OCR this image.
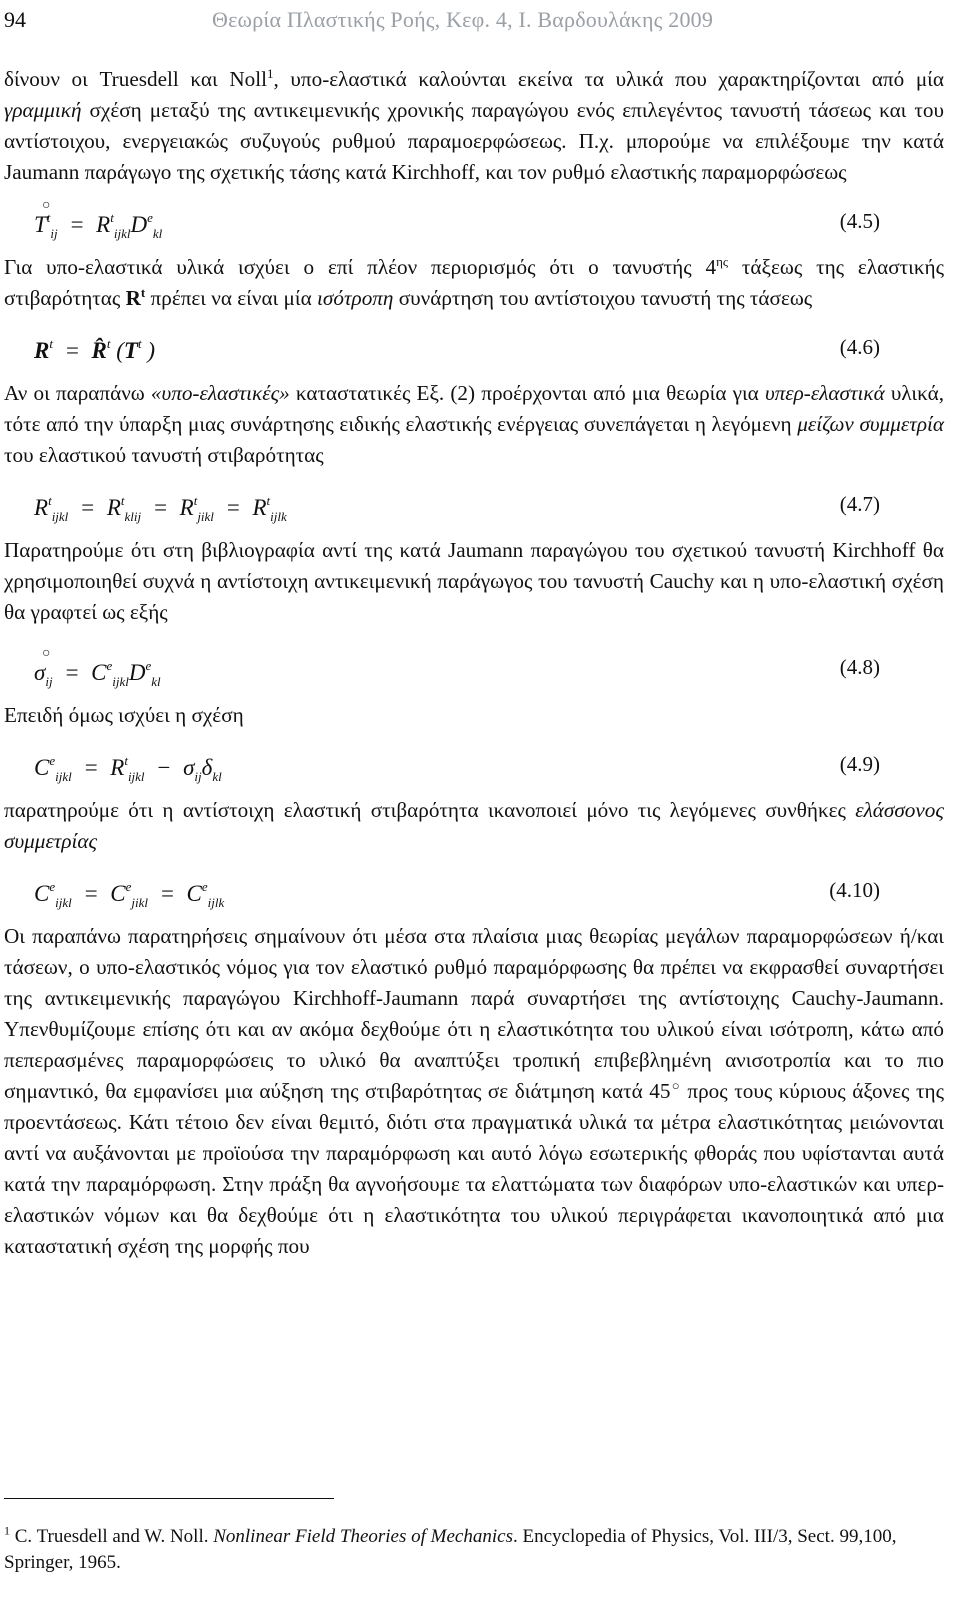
94	Θεωρία Πλαστικής Ροής, Κεφ. 4, Ι. Βαρδουλάκης 2009

δίνουν οι Truesdell και Noll$^1$, υπο-ελαστικά καλούνται εκείνα τα υλικά που χαρακτηρίζονται από μία γραμμική σχέση μεταξύ της αντικειμενικής χρονικής παραγώγου ενός επιλεγέντος τανυστή τάσεως και του αντίστοιχου, ενεργειακώς συζυγούς ρυθμού παραμοερφώσεως. Π.χ. μπορούμε να επιλέξουμε την κατά Jaumann παράγωγο της σχετικής τάσης κατά Kirchhoff, και τον ρυθμό ελαστικής παραμορφώσεως

○
$T^t_{ij} = R^t_{ijkl}D^e_{kl}$
(4.5)

Για υπο-ελαστικά υλικά ισχύει ο επί πλέον περιορισμός ότι ο τανυστής $4^{\eta\varsigma}$ τάξεως της ελαστικής στιβαρότητας $R^t$ πρέπει να είναι μία ισότροπη συνάρτηση του αντίστοιχου τανυστή της τάσεως

$R^t$  =  R̂$^t$ ($T^t$ )	(4.6)

Αν οι παραπάνω «υπο-ελαστικές» καταστατικές Εξ. (2) προέρχονται από μια θεωρία για υπερ-ελαστικά υλικά, τότε από την ύπαρξη μιας συνάρτησης ειδικής ελαστικής ενέργειας συνεπάγεται η λεγόμενη μείζων συμμετρία του ελαστικού τανυστή στιβαρότητας

$R^t_{ijkl} = R^t_{klij} = R^t_{jikl} = R^t_{ijlk}$
(4.7)

Παρατηρούμε ότι στη βιβλιογραφία αντί της κατά Jaumann παραγώγου του σχετικού τανυστή Kirchhoff θα χρησιμοποιηθεί συχνά η αντίστοιχη αντικειμενική παράγωγος του τανυστή Cauchy και η υπο-ελαστική σχέση θα γραφτεί ως εξής

○
$\sigma_{ij} = C^e_{ijkl}D^e_{kl}$
(4.8)

Επειδή όμως ισχύει η σχέση

$C^e_{ijkl} = R^t_{ijkl} - \sigma_{ij}\delta_{kl}$
(4.9)

παρατηρούμε ότι η αντίστοιχη ελαστική στιβαρότητα ικανοποιεί μόνο τις λεγόμενες συνθήκες ελάσσονος συμμετρίας

$C^e_{ijkl} = C^e_{jikl} = C^e_{ijlk}$
(4.10)

Οι παραπάνω παρατηρήσεις σημαίνουν ότι μέσα στα πλαίσια μιας θεωρίας μεγάλων παραμορφώσεων ή/και τάσεων, ο υπο-ελαστικός νόμος για τον ελαστικό ρυθμό παραμόρφωσης θα πρέπει να εκφρασθεί συναρτήσει της αντικειμενικής παραγώγου Kirchhoff-Jaumann παρά συναρτήσει της αντίστοιχης Cauchy-Jaumann. Υπενθυμίζουμε επίσης ότι και αν ακόμα δεχθούμε ότι η ελαστικότητα του υλικού είναι ισότροπη, κάτω από πεπερασμένες παραμορφώσεις το υλικό θα αναπτύξει τροπική επιβεβλημένη ανισοτροπία και το πιο σημαντικό, θα εμφανίσει μια αύξηση της στιβαρότητας σε διάτμηση κατά 45○ προς τους κύριους άξονες της προεντάσεως. Κάτι τέτοιο δεν είναι θεμιτό, διότι στα πραγματικά υλικά τα μέτρα ελαστικότητας μειώνονται αντί να αυξάνονται με προϊούσα την παραμόρφωση και αυτό λόγω εσωτερικής φθοράς που υφίστανται αυτά κατά την παραμόρφωση. Στην πράξη θα αγνοήσουμε τα ελαττώματα των διαφόρων υπο-ελαστικών και υπερ-ελαστικών νόμων και θα δεχθούμε ότι η ελαστικότητα του υλικού περιγράφεται ικανοποιητικά από μια καταστατική σχέση της μορφής που

$^1$ C. Truesdell and W. Noll. Nonlinear Field Theories of Mechanics. Encyclopedia of Physics, Vol. III/3, Sect. 99,100, Springer, 1965.
